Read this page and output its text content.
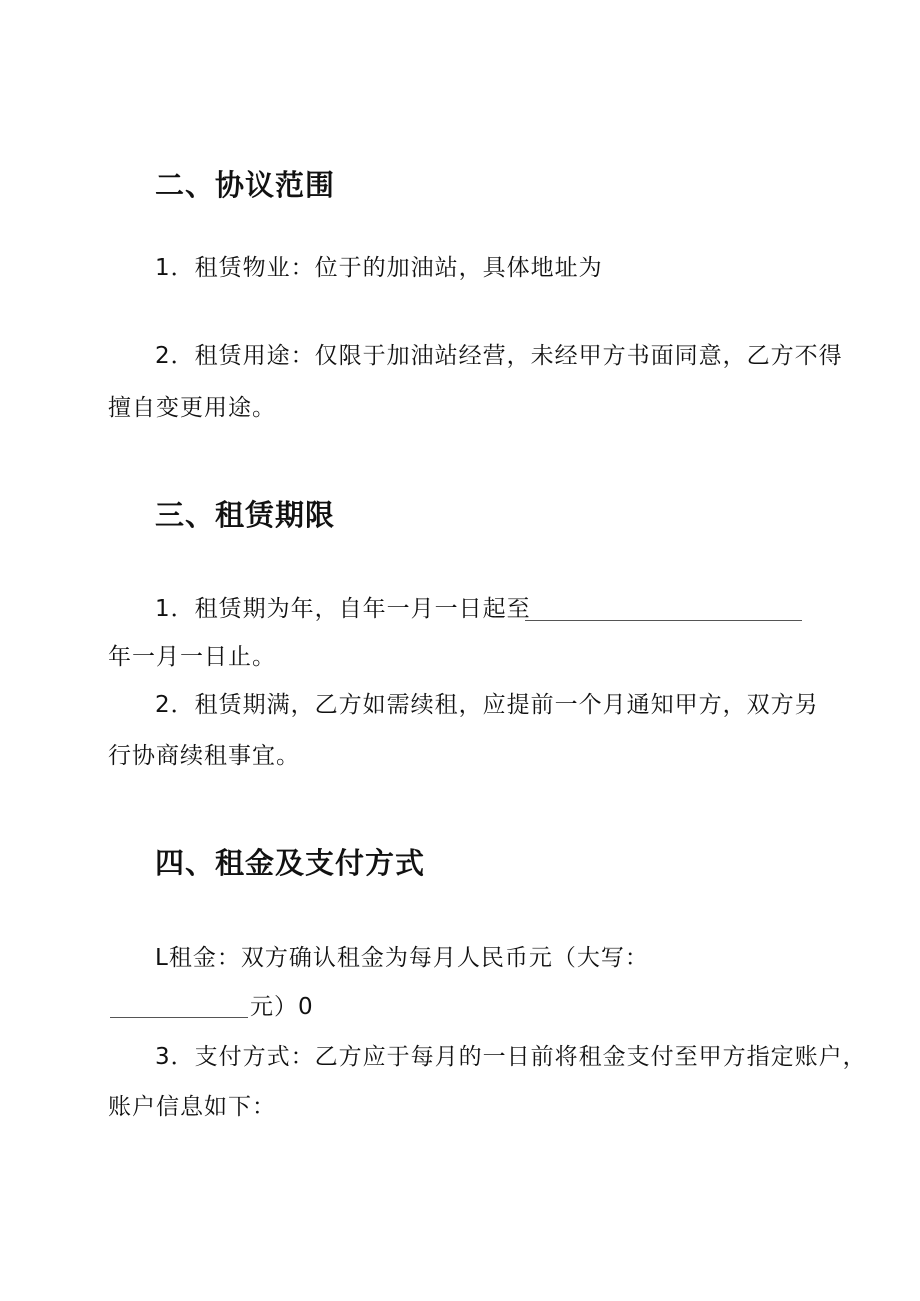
二、协议范围

1．租赁物业：位于的加油站，具体地址为

2．租赁用途：仅限于加油站经营，未经甲方书面同意，乙方不得

擅自变更用途。

三、租赁期限

1．租赁期为年，自年一月一日起至

年一月一日止。

2．租赁期满，乙方如需续租，应提前一个月通知甲方，双方另

行协商续租事宜。

四、租金及支付方式

L租金：双方确认租金为每月人民币元（大写：

元）0

3．支付方式：乙方应于每月的一日前将租金支付至甲方指定账户，

账户信息如下：
